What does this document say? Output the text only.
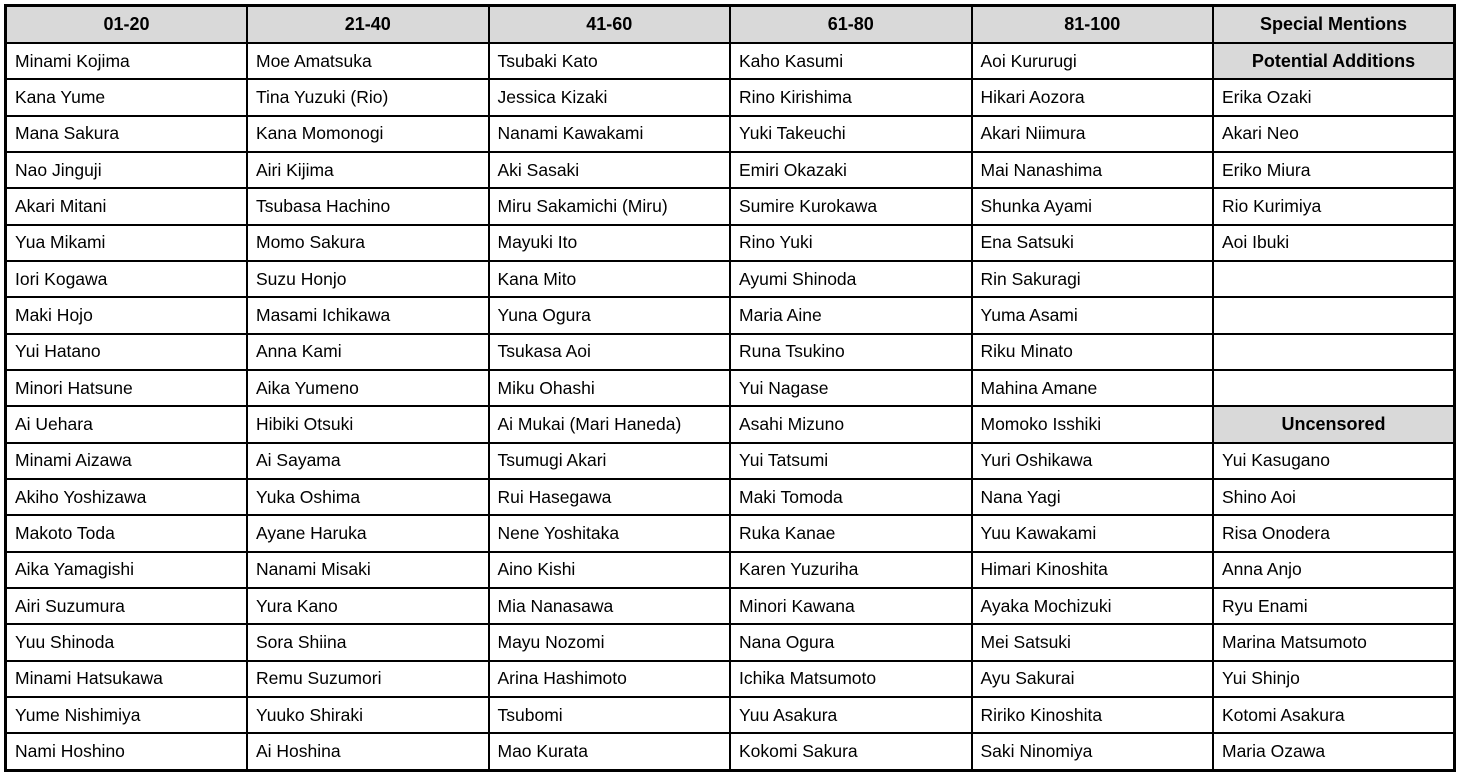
01-20	21-40	41-60	61-80	81-100	Special Mentions
Minami Kojima	Moe Amatsuka	Tsubaki Kato	Kaho Kasumi	Aoi Kururugi	Potential Additions
Kana Yume	Tina Yuzuki (Rio)	Jessica Kizaki	Rino Kirishima	Hikari Aozora	Erika Ozaki
Mana Sakura	Kana Momonogi	Nanami Kawakami	Yuki Takeuchi	Akari Niimura	Akari Neo
Nao Jinguji	Airi Kijima	Aki Sasaki	Emiri Okazaki	Mai Nanashima	Eriko Miura
Akari Mitani	Tsubasa Hachino	Miru Sakamichi (Miru)	Sumire Kurokawa	Shunka Ayami	Rio Kurimiya
Yua Mikami	Momo Sakura	Mayuki Ito	Rino Yuki	Ena Satsuki	Aoi Ibuki
Iori Kogawa	Suzu Honjo	Kana Mito	Ayumi Shinoda	Rin Sakuragi	
Maki Hojo	Masami Ichikawa	Yuna Ogura	Maria Aine	Yuma Asami	
Yui Hatano	Anna Kami	Tsukasa Aoi	Runa Tsukino	Riku Minato	
Minori Hatsune	Aika Yumeno	Miku Ohashi	Yui Nagase	Mahina Amane	
Ai Uehara	Hibiki Otsuki	Ai Mukai (Mari Haneda)	Asahi Mizuno	Momoko Isshiki	Uncensored
Minami Aizawa	Ai Sayama	Tsumugi Akari	Yui Tatsumi	Yuri Oshikawa	Yui Kasugano
Akiho Yoshizawa	Yuka Oshima	Rui Hasegawa	Maki Tomoda	Nana Yagi	Shino Aoi
Makoto Toda	Ayane Haruka	Nene Yoshitaka	Ruka Kanae	Yuu Kawakami	Risa Onodera
Aika Yamagishi	Nanami Misaki	Aino Kishi	Karen Yuzuriha	Himari Kinoshita	Anna Anjo
Airi Suzumura	Yura Kano	Mia Nanasawa	Minori Kawana	Ayaka Mochizuki	Ryu Enami
Yuu Shinoda	Sora Shiina	Mayu Nozomi	Nana Ogura	Mei Satsuki	Marina Matsumoto
Minami Hatsukawa	Remu Suzumori	Arina Hashimoto	Ichika Matsumoto	Ayu Sakurai	Yui Shinjo
Yume Nishimiya	Yuuko Shiraki	Tsubomi	Yuu Asakura	Ririko Kinoshita	Kotomi Asakura
Nami Hoshino	Ai Hoshina	Mao Kurata	Kokomi Sakura	Saki Ninomiya	Maria Ozawa
